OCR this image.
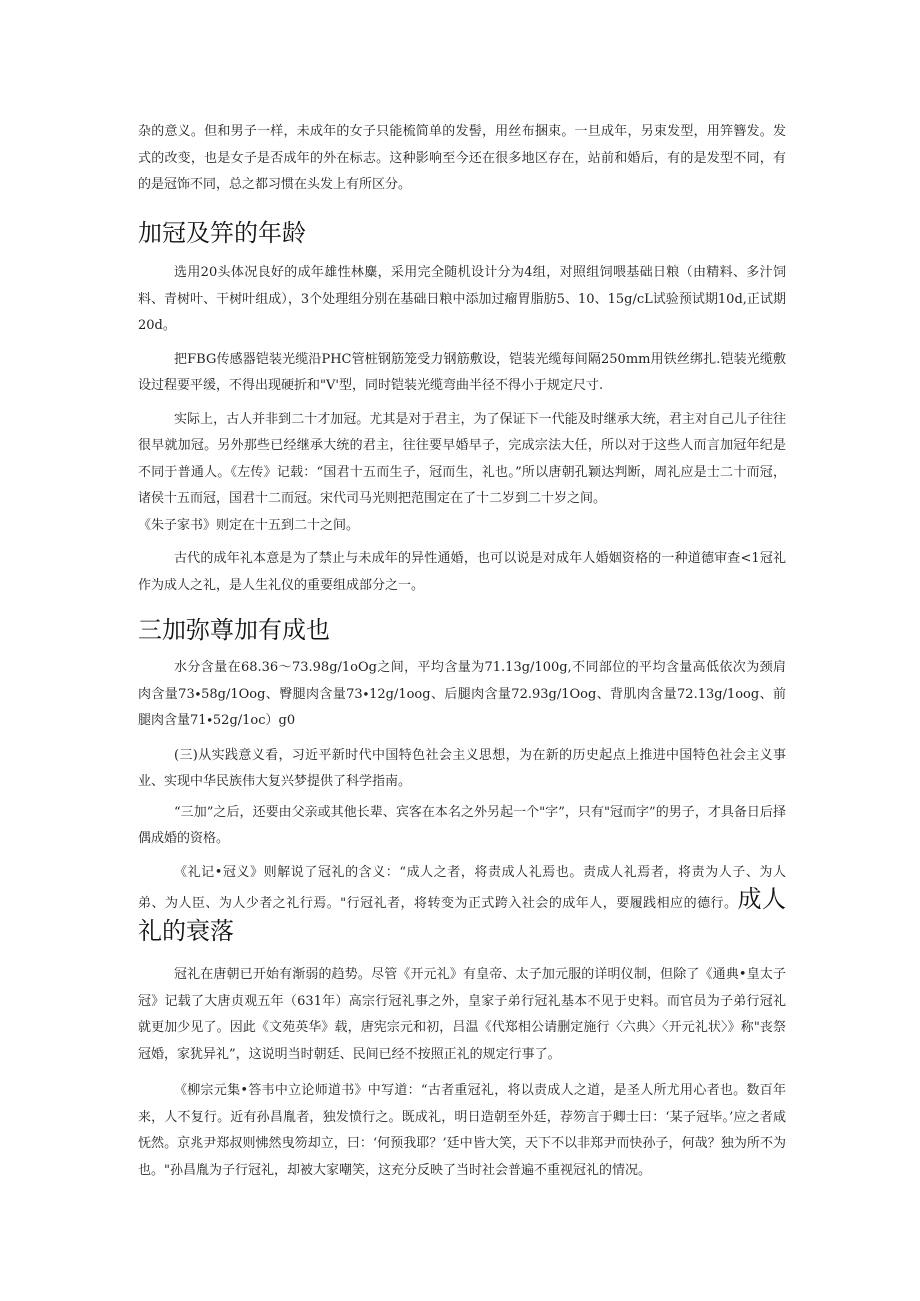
杂的意义。但和男子一样，未成年的女子只能梳简单的发髻，用丝布捆束。一旦成年，另束发型，用笄簪发。发式的改变，也是女子是否成年的外在标志。这种影响至今还在很多地区存在，站前和婚后，有的是发型不同，有的是冠饰不同，总之都习惯在头发上有所区分。

加冠及笄的年龄

选用20头体况良好的成年雄性林麋，采用完全随机设计分为4组，对照组饲喂基础日粮（由精料、多汁饲料、青树叶、干树叶组成），3个处理组分别在基础日粮中添加过瘤胃脂肪5、10、15g/cL试验预试期10d,正试期20d。

把FBG传感器铠装光缆沿PHC管桩钢筋笼受力钢筋敷设，铠装光缆每间隔250mm用铁丝绑扎.铠装光缆敷设过程要平缓，不得出现硬折和"V'型，同时铠装光缆弯曲半径不得小于规定尺寸.

实际上，古人并非到二十才加冠。尤其是对于君主，为了保证下一代能及时继承大统，君主对自己儿子往往很早就加冠。另外那些已经继承大统的君主，往往要早婚早子，完成宗法大任，所以对于这些人而言加冠年纪是不同于普通人。《左传》记载：“国君十五而生子，冠而生，礼也。”所以唐朝孔颖达判断，周礼应是士二十而冠，诸侯十五而冠，国君十二而冠。宋代司马光则把范围定在了十二岁到二十岁之间。

《朱子家书》则定在十五到二十之间。

古代的成年礼本意是为了禁止与未成年的异性通婚，也可以说是对成年人婚姻资格的一种道德审查<1冠礼作为成人之礼，是人生礼仪的重要组成部分之一。

三加弥尊加有成也

水分含量在68.36〜73.98g∕1oOg之间，平均含量为71.13g∕100g,不同部位的平均含量高低依次为颈肩肉含量73∙58g∕1Oog、臀腿肉含量73∙12g∕1oog、后腿肉含量72.93g∕1Oog、背肌肉含量72.13g∕1oog、前腿肉含量71∙52g∕1oc）g0

(三)从实践意义看，习近平新时代中国特色社会主义思想，为在新的历史起点上推进中国特色社会主义事业、实现中华民族伟大复兴梦提供了科学指南。

“三加”之后，还要由父亲或其他长辈、宾客在本名之外另起一个"字”，只有"冠而字”的男子，才具备日后择偶成婚的资格。

《礼记•冠义》则解说了冠礼的含义：“成人之者，将责成人礼焉也。责成人礼焉者，将责为人子、为人弟、为人臣、为人少者之礼行焉。"行冠礼者，将转变为正式跨入社会的成年人，要履践相应的德行。成人礼的衰落

冠礼在唐朝已开始有渐弱的趋势。尽管《开元礼》有皇帝、太子加元服的详明仪制，但除了《通典•皇太子冠》记载了大唐贞观五年（631年）高宗行冠礼事之外，皇家子弟行冠礼基本不见于史料。而官员为子弟行冠礼就更加少见了。因此《文苑英华》载，唐宪宗元和初，吕温《代郑相公请删定施行〈六典〉〈开元礼状〉》称"丧祭冠婚，家犹异礼”，这说明当时朝廷、民间已经不按照正礼的规定行事了。

《柳宗元集•答韦中立论师道书》中写道：“古者重冠礼，将以责成人之道，是圣人所尤用心者也。数百年来，人不复行。近有孙昌胤者，独发愤行之。既成礼，明日造朝至外廷，荐笏言于卿士曰：‘某子冠毕。’应之者咸怃然。京兆尹郑叔则怫然曳笏却立，曰：‘何预我耶？’廷中皆大笑，天下不以非郑尹而快孙子，何哉？独为所不为也。"孙昌胤为子行冠礼，却被大家嘲笑，这充分反映了当时社会普遍不重视冠礼的情况。
